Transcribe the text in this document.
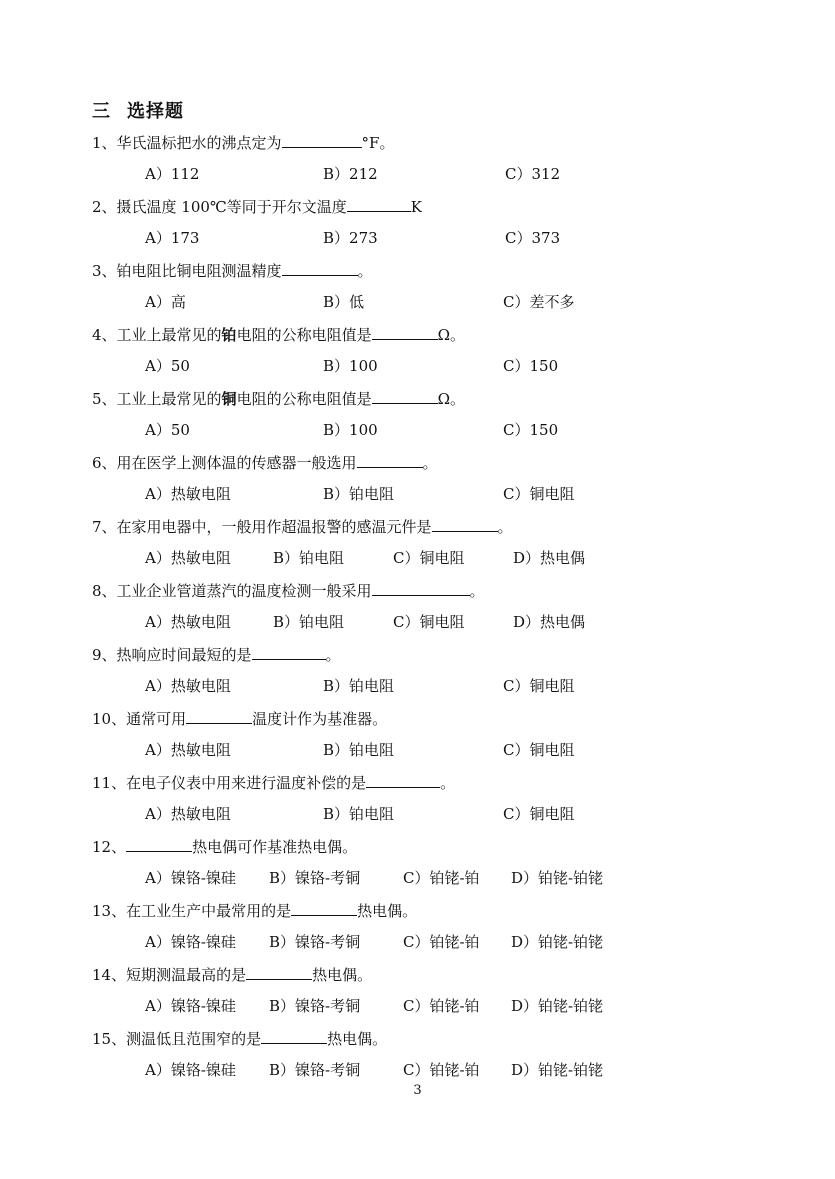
三 选择题
1、华氏温标把水的沸点定为	°F。
A）112	B）212	C）312
2、摄氏温度 100℃等同于开尔文温度	K
A）173	B）273	C）373
3、铂电阻比铜电阻测温精度	。
A）高	B）低	C）差不多
4、工业上最常见的铂电阻的公称电阻值是	Ω。
A）50	B）100	C）150
5、工业上最常见的铜电阻的公称电阻值是	Ω。
A）50	B）100	C）150
6、用在医学上测体温的传感器一般选用	。
A）热敏电阻	B）铂电阻	C）铜电阻
7、在家用电器中，一般用作超温报警的感温元件是	。
A）热敏电阻	B）铂电阻	C）铜电阻	D）热电偶
8、工业企业管道蒸汽的温度检测一般采用	。
A）热敏电阻	B）铂电阻	C）铜电阻	D）热电偶
9、热响应时间最短的是	。
A）热敏电阻	B）铂电阻	C）铜电阻
10、通常可用	温度计作为基准器。
A）热敏电阻	B）铂电阻	C）铜电阻
11、在电子仪表中用来进行温度补偿的是	。
A）热敏电阻	B）铂电阻	C）铜电阻
12、	热电偶可作基准热电偶。
A）镍铬-镍硅 B）镍铬-考铜	C）铂铑-铂 D）铂铑-铂铑
13、在工业生产中最常用的是	热电偶。
A）镍铬-镍硅 B）镍铬-考铜	C）铂铑-铂 D）铂铑-铂铑
14、短期测温最高的是	热电偶。
A）镍铬-镍硅 B）镍铬-考铜	C）铂铑-铂 D）铂铑-铂铑
15、测温低且范围窄的是	热电偶。
A）镍铬-镍硅 B）镍铬-考铜	C）铂铑-铂 D）铂铑-铂铑
3
